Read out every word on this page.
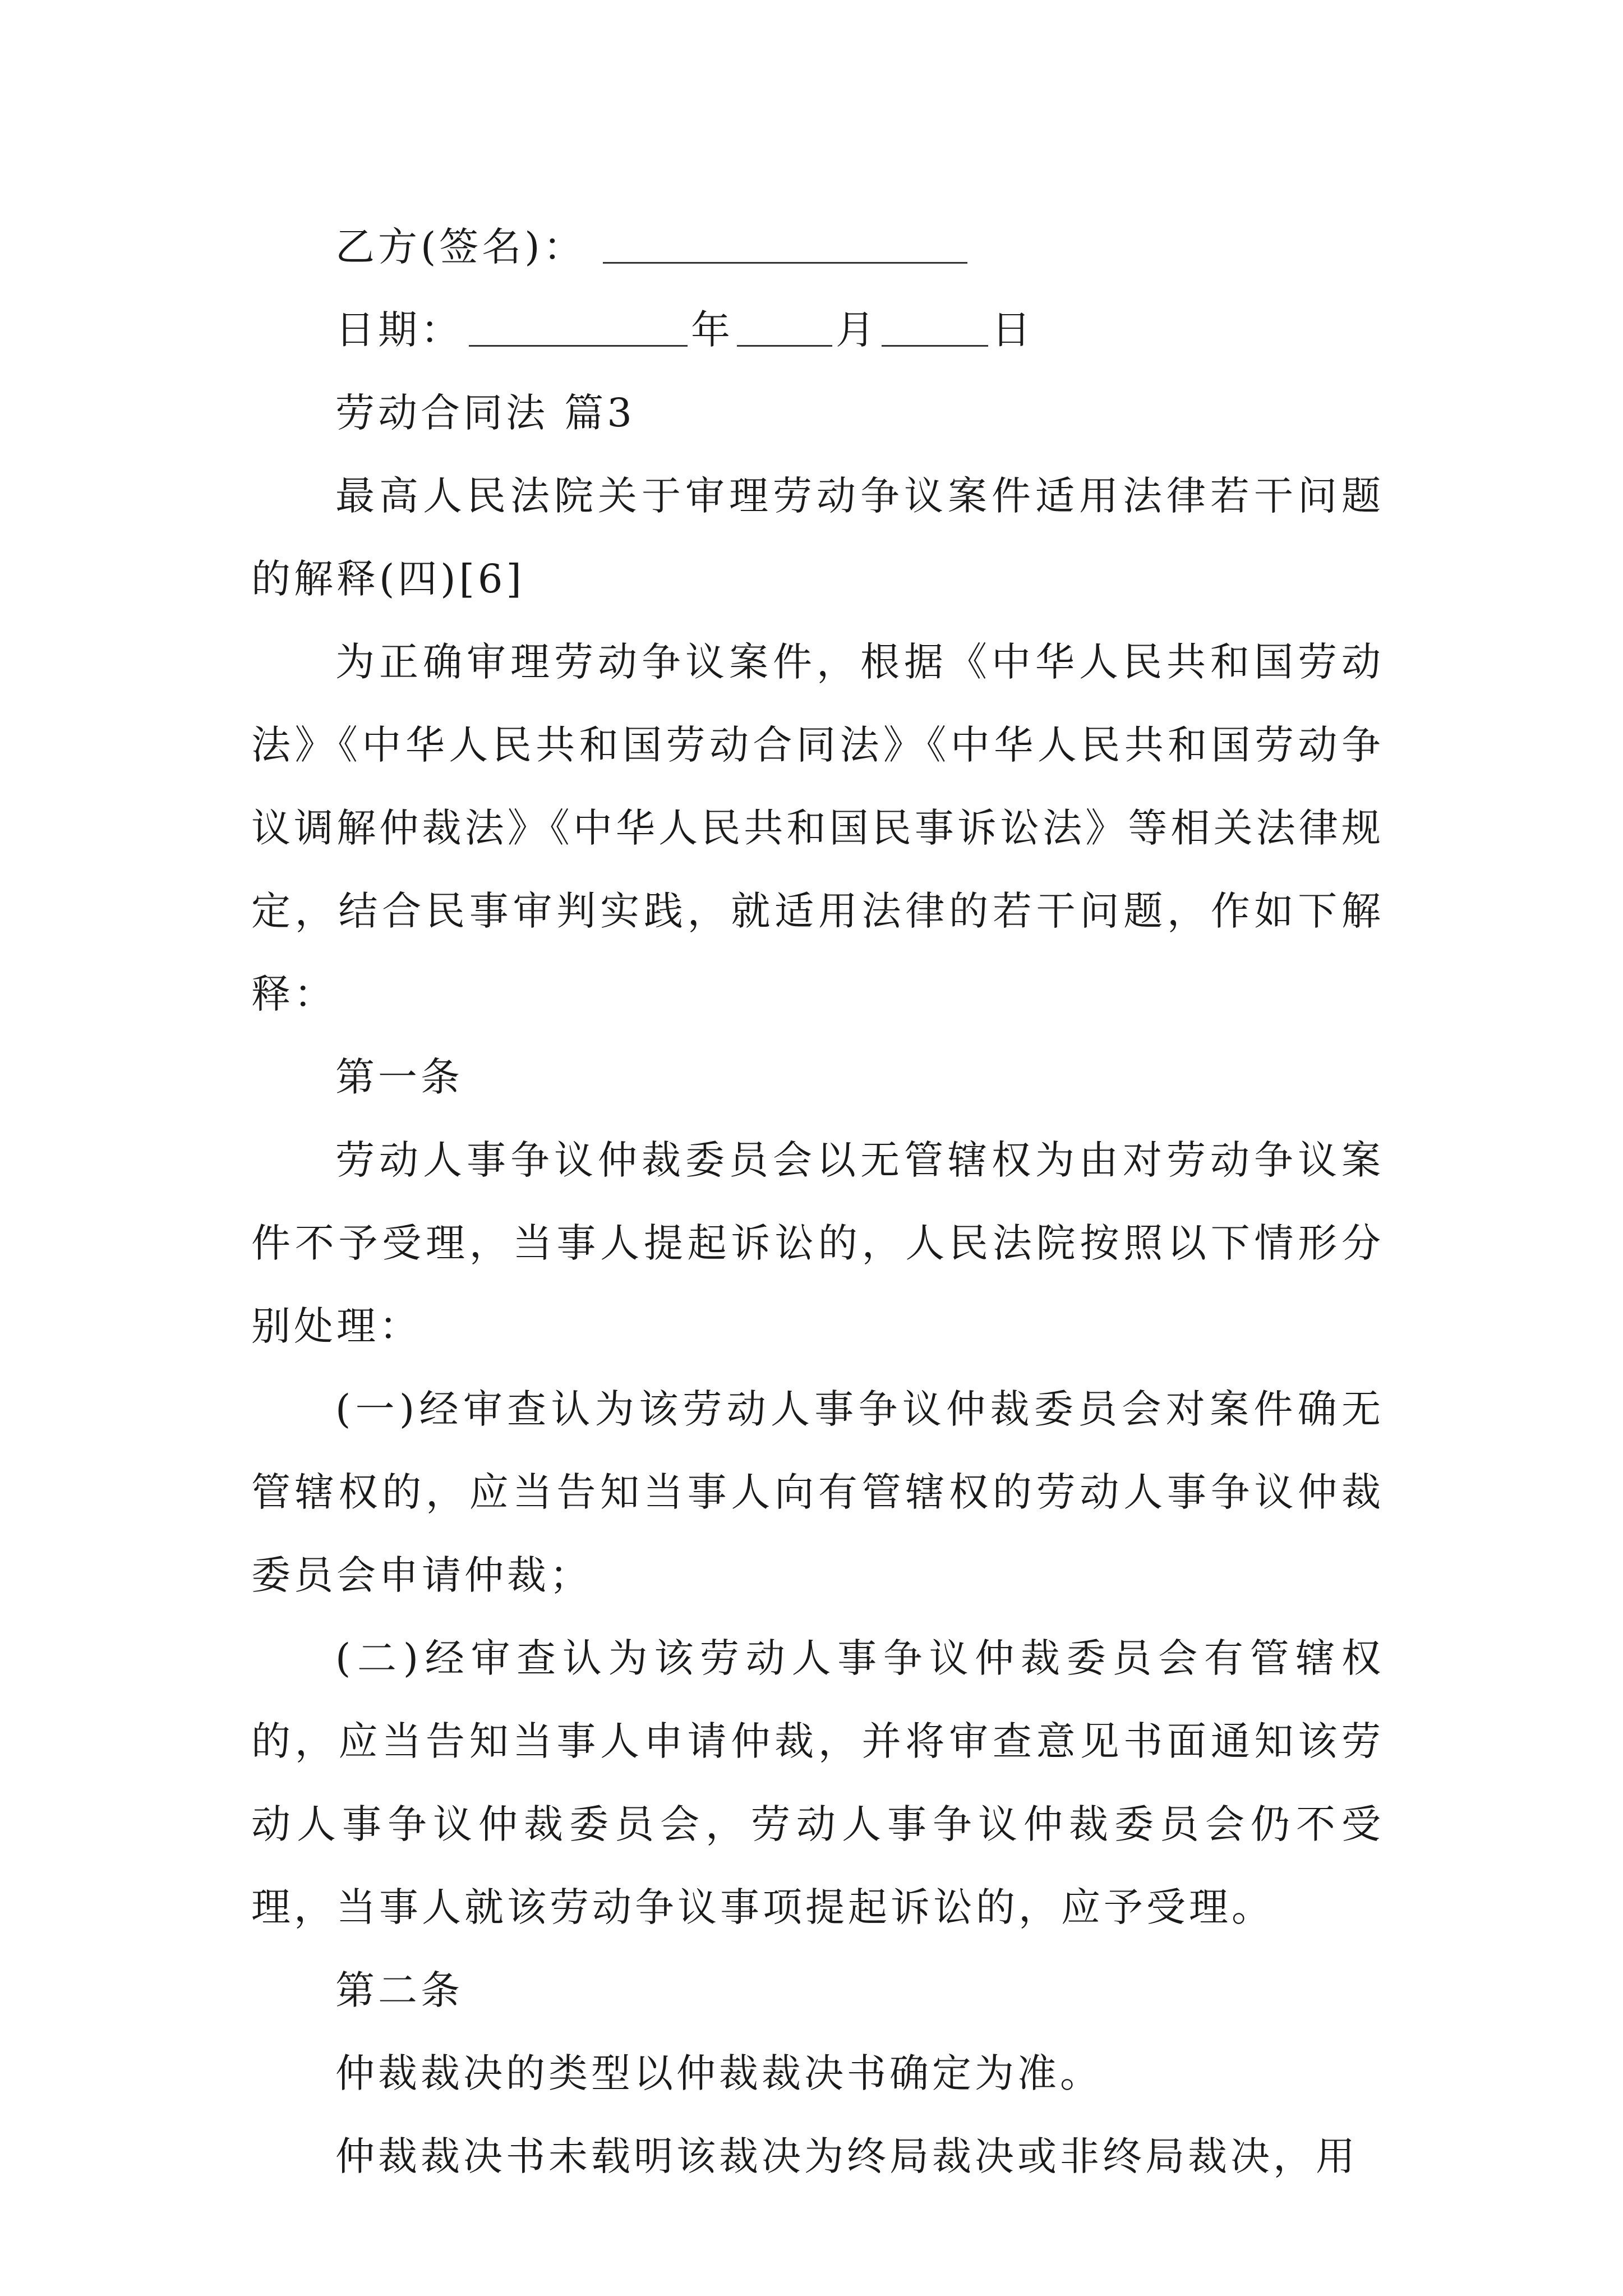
乙方(签名)：
日期：	年	月	日
劳动合同法 篇3
最高人民法院关于审理劳动争议案件适用法律若干问题的解释(四)[6]
为正确审理劳动争议案件，根据《中华人民共和国劳动法》《中华人民共和国劳动合同法》《中华人民共和国劳动争议调解仲裁法》《中华人民共和国民事诉讼法》等相关法律规定，结合民事审判实践，就适用法律的若干问题，作如下解释：
第一条
劳动人事争议仲裁委员会以无管辖权为由对劳动争议案件不予受理，当事人提起诉讼的，人民法院按照以下情形分别处理：
(一)经审查认为该劳动人事争议仲裁委员会对案件确无管辖权的，应当告知当事人向有管辖权的劳动人事争议仲裁委员会申请仲裁；
(二)经审查认为该劳动人事争议仲裁委员会有管辖权的，应当告知当事人申请仲裁，并将审查意见书面通知该劳动人事争议仲裁委员会，劳动人事争议仲裁委员会仍不受理，当事人就该劳动争议事项提起诉讼的，应予受理。
第二条
仲裁裁决的类型以仲裁裁决书确定为准。
仲裁裁决书未载明该裁决为终局裁决或非终局裁决，用
